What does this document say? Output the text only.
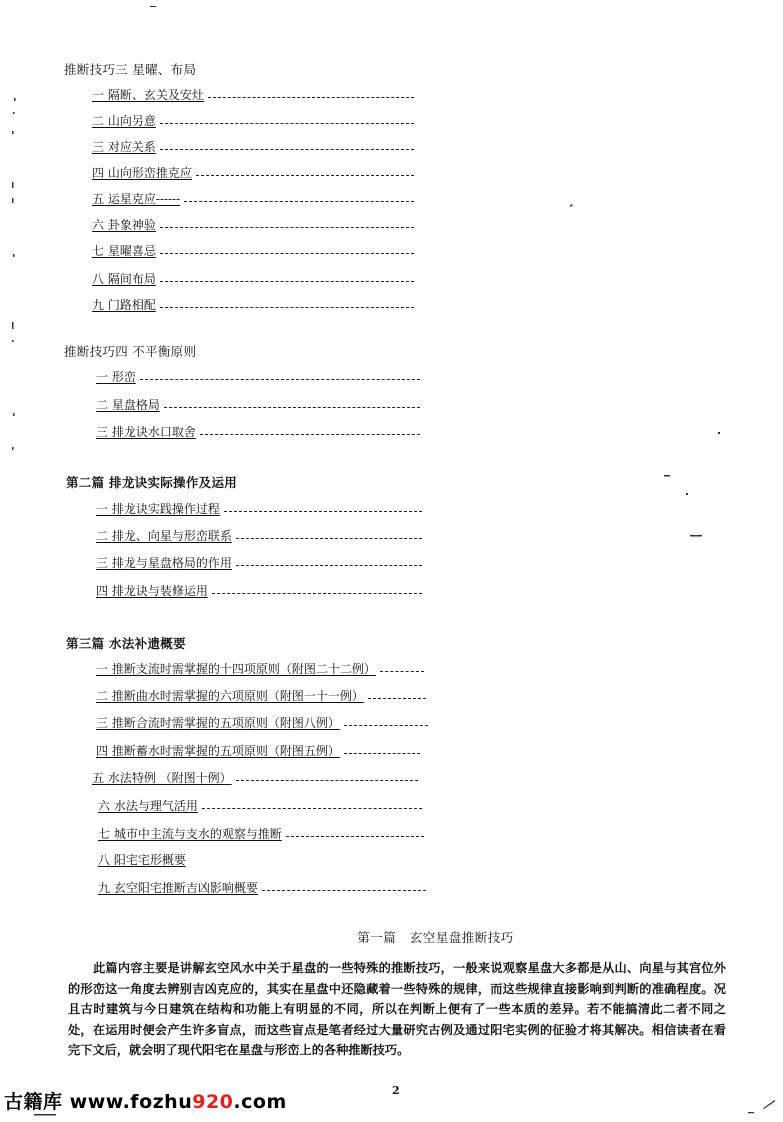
推断技巧三 星曜、布局
一 隔断、玄关及安灶
二 山向另意
三 对应关系
四 山向形峦推克应
五 运星克应------
六 卦象神验
七 星曜喜忌
八 隔间布局
九 门路相配
推断技巧四 不平衡原则
一 形峦
二 星盘格局
三 排龙诀水口取舍
第二篇 排龙诀实际操作及运用
一 排龙诀实践操作过程
二 排龙、向星与形峦联系
三 排龙与星盘格局的作用
四 排龙诀与装修运用
第三篇 水法补遗概要
一 推断支流时需掌握的十四项原则（附图二十二例）
二 推断曲水时需掌握的六项原则（附图一十一例）
三 推断合流时需掌握的五项原则（附图八例）
四 推断蓄水时需掌握的五项原则（附图五例）
五 水法特例 （附图十例）
六 水法与理气活用
七 城市中主流与支水的观察与推断
八 阳宅宅形概要
九 玄空阳宅推断吉凶影响概要
第一篇 玄空星盘推断技巧
此篇内容主要是讲解玄空风水中关于星盘的一些特殊的推断技巧，一般来说观察星盘大多都是从山、向星与其宫位外的形峦这一角度去辨别吉凶克应的，其实在星盘中还隐藏着一些特殊的规律，而这些规律直接影响到判断的准确程度。况且古时建筑与今日建筑在结构和功能上有明显的不同，所以在判断上便有了一些本质的差异。若不能搞清此二者不同之处，在运用时便会产生许多盲点，而这些盲点是笔者经过大量研究古例及通过阳宅实例的征验才将其解决。相信读者在看完下文后，就会明了现代阳宅在星盘与形峦上的各种推断技巧。
2
古籍库 www.fozhu920.com
